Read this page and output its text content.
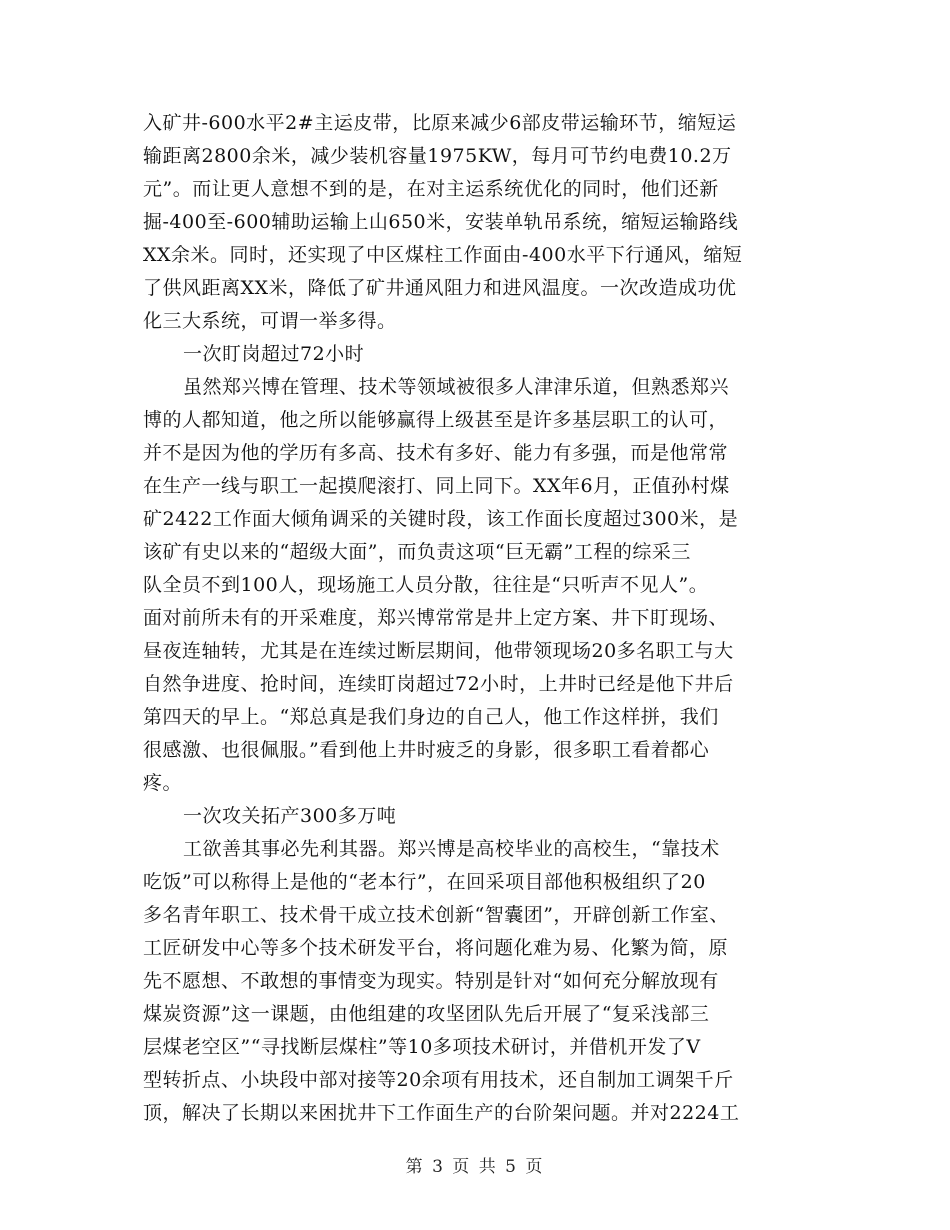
入矿井-600水平2#主运皮带，比原来减少6部皮带运输环节，缩短运
输距离2800余米，减少装机容量1975KW，每月可节约电费10.2万
元”。而让更人意想不到的是，在对主运系统优化的同时，他们还新
掘-400至-600辅助运输上山650米，安装单轨吊系统，缩短运输路线
XX余米。同时，还实现了中区煤柱工作面由-400水平下行通风，缩短
了供风距离XX米，降低了矿井通风阻力和进风温度。一次改造成功优
化三大系统，可谓一举多得。
一次盯岗超过72小时
虽然郑兴博在管理、技术等领域被很多人津津乐道，但熟悉郑兴
博的人都知道，他之所以能够赢得上级甚至是许多基层职工的认可，
并不是因为他的学历有多高、技术有多好、能力有多强，而是他常常
在生产一线与职工一起摸爬滚打、同上同下。XX年6月，正值孙村煤
矿2422工作面大倾角调采的关键时段，该工作面长度超过300米，是
该矿有史以来的“超级大面”，而负责这项“巨无霸”工程的综采三
队全员不到100人，现场施工人员分散，往往是“只听声不见人”。
面对前所未有的开采难度，郑兴博常常是井上定方案、井下盯现场、
昼夜连轴转，尤其是在连续过断层期间，他带领现场20多名职工与大
自然争进度、抢时间，连续盯岗超过72小时，上井时已经是他下井后
第四天的早上。“郑总真是我们身边的自己人，他工作这样拼，我们
很感激、也很佩服。”看到他上井时疲乏的身影，很多职工看着都心
疼。
一次攻关拓产300多万吨
工欲善其事必先利其器。郑兴博是高校毕业的高校生，“靠技术
吃饭”可以称得上是他的“老本行”，在回采项目部他积极组织了20
多名青年职工、技术骨干成立技术创新“智囊团”，开辟创新工作室、
工匠研发中心等多个技术研发平台，将问题化难为易、化繁为简，原
先不愿想、不敢想的事情变为现实。特别是针对“如何充分解放现有
煤炭资源”这一课题，由他组建的攻坚团队先后开展了“复采浅部三
层煤老空区”“寻找断层煤柱”等10多项技术研讨，并借机开发了V
型转折点、小块段中部对接等20余项有用技术，还自制加工调架千斤
顶，解决了长期以来困扰井下工作面生产的台阶架问题。并对2224工
第 3 页 共 5 页
